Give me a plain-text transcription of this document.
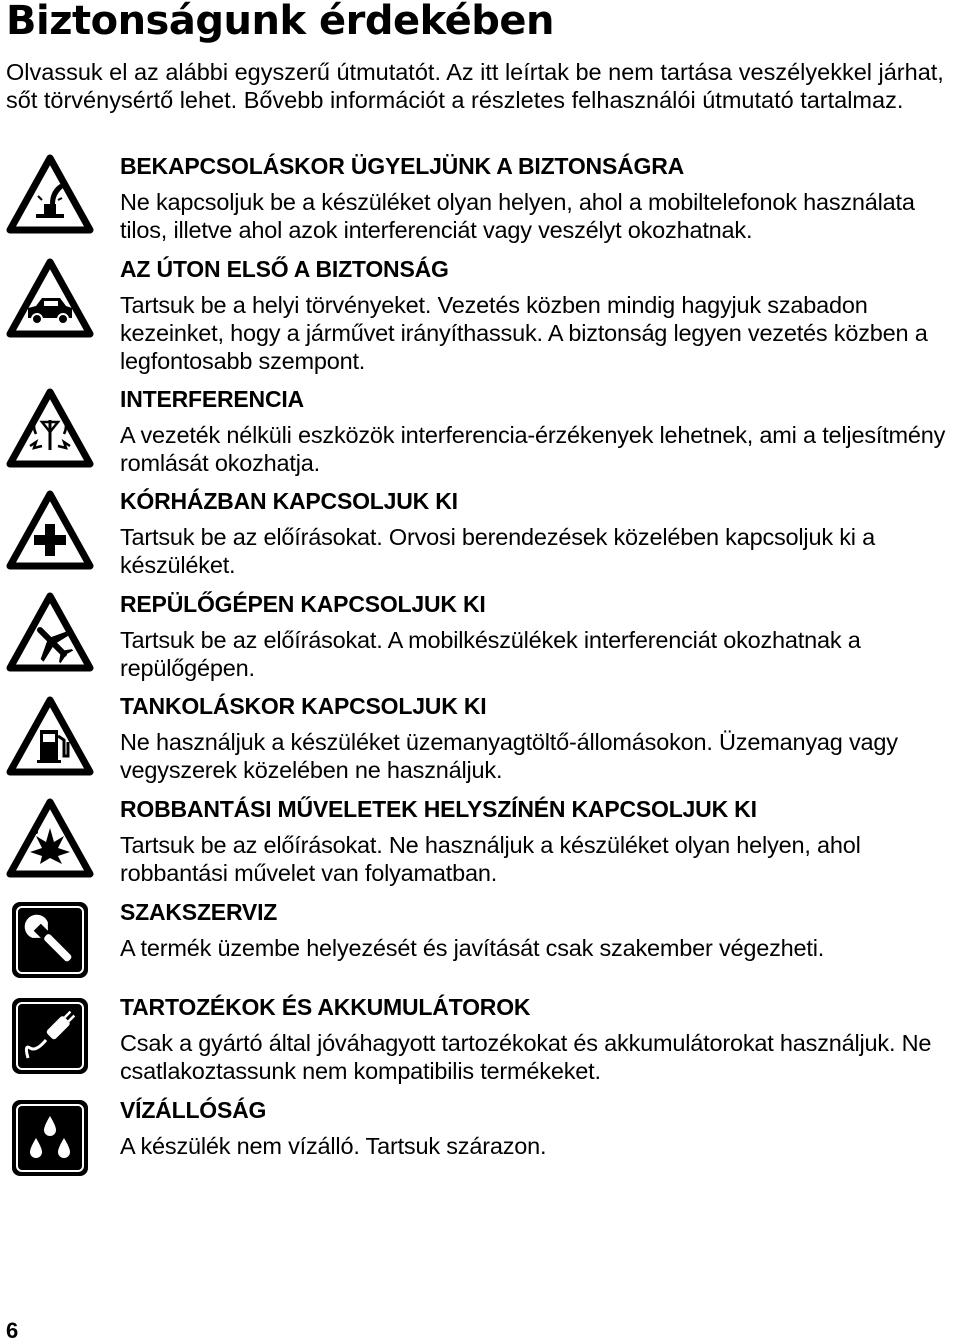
Biztonságunk érdekében

Olvassuk el az alábbi egyszerű útmutatót. Az itt leírtak be nem tartása veszélyekkel járhat, sőt törvénysértő lehet. Bővebb információt a részletes felhasználói útmutató tartalmaz.

BEKAPCSOLÁSKOR ÜGYELJÜNK A BIZTONSÁGRA

Ne kapcsoljuk be a készüléket olyan helyen, ahol a mobiltelefonok használata tilos, illetve ahol azok interferenciát vagy veszélyt okozhatnak.

AZ ÚTON ELSŐ A BIZTONSÁG

Tartsuk be a helyi törvényeket. Vezetés közben mindig hagyjuk szabadon kezeinket, hogy a járművet irányíthassuk. A biztonság legyen vezetés közben a legfontosabb szempont.

INTERFERENCIA

A vezeték nélküli eszközök interferencia-érzékenyek lehetnek, ami a teljesítmény romlását okozhatja.

KÓRHÁZBAN KAPCSOLJUK KI

Tartsuk be az előírásokat. Orvosi berendezések közelében kapcsoljuk ki a készüléket.

REPÜLŐGÉPEN KAPCSOLJUK KI

Tartsuk be az előírásokat. A mobilkészülékek interferenciát okozhatnak a repülőgépen.

TANKOLÁSKOR KAPCSOLJUK KI

Ne használjuk a készüléket üzemanyagtöltő-állomásokon. Üzemanyag vagy vegyszerek közelében ne használjuk.

ROBBANTÁSI MŰVELETEK HELYSZÍNÉN KAPCSOLJUK KI

Tartsuk be az előírásokat. Ne használjuk a készüléket olyan helyen, ahol robbantási művelet van folyamatban.

SZAKSZERVIZ

A termék üzembe helyezését és javítását csak szakember végezheti.

TARTOZÉKOK ÉS AKKUMULÁTOROK

Csak a gyártó által jóváhagyott tartozékokat és akkumulátorokat használjuk. Ne csatlakoztassunk nem kompatibilis termékeket.

VÍZÁLLÓSÁG

A készülék nem vízálló. Tartsuk szárazon.

6
